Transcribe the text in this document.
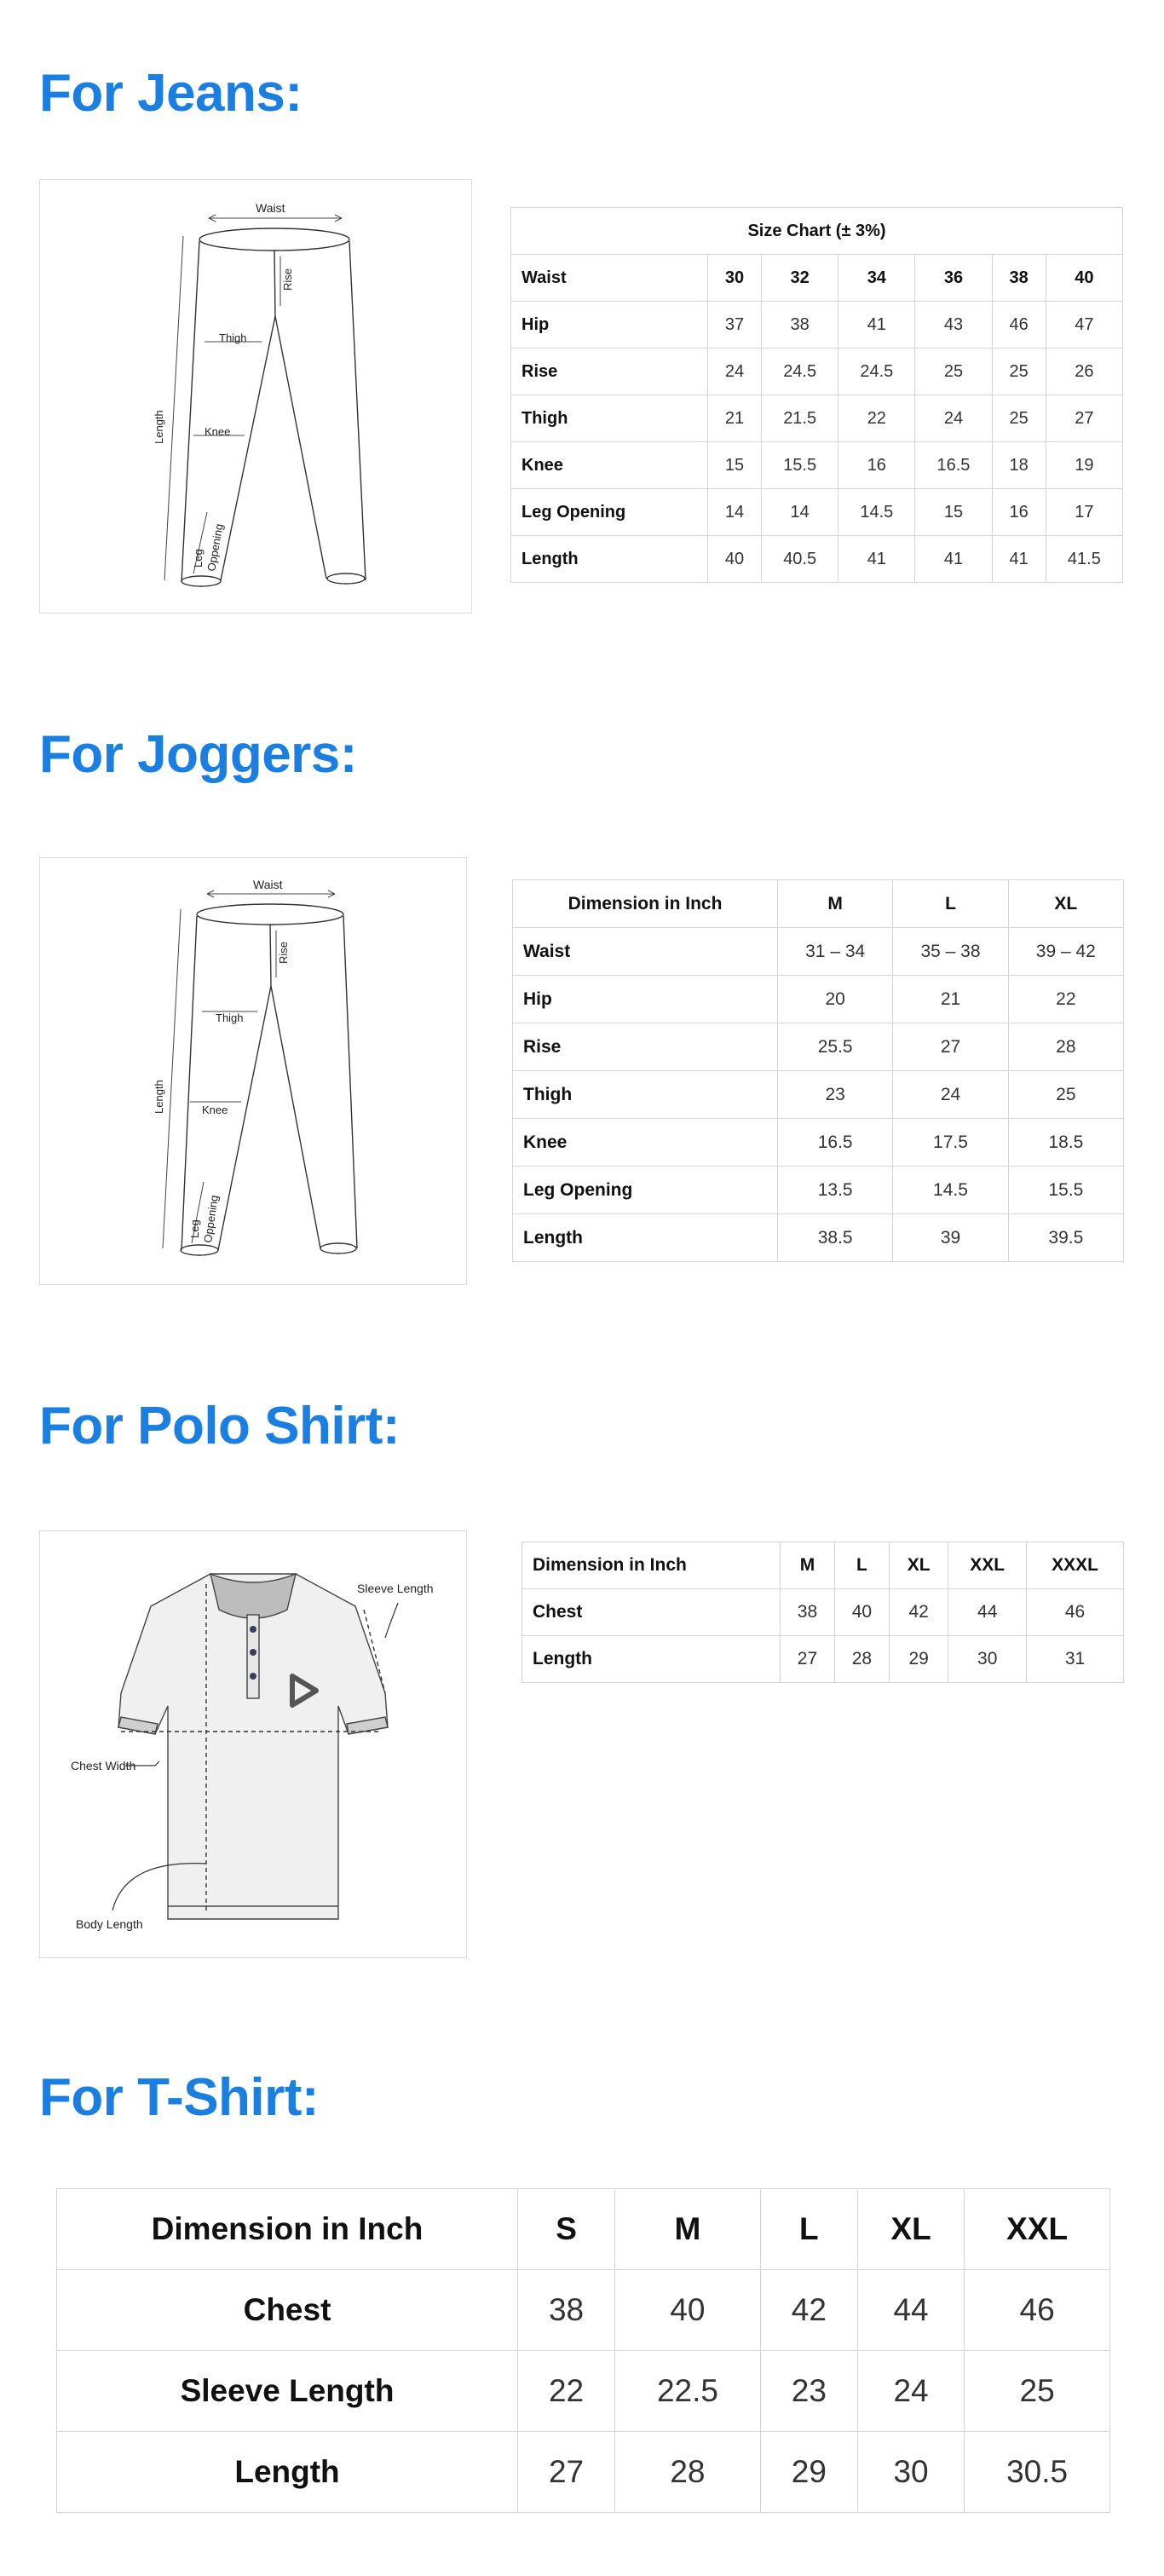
For Jeans:
Waist
Rise
Thigh
Length	Knee
Leg Oppening
Size Chart (± 3%)						
Waist	30	32	34	36	38	40
Hip	37	38	41	43	46	47
Rise	24	24.5	24.5	25	25	26
Thigh	21	21.5	22	24	25	27
Knee	15	15.5	16	16.5	18	19
Leg Opening	14	14	14.5	15	16	17
Length	40	40.5	41	41	41	41.5
For Joggers:
Waist
Rise
Thigh
Length	Knee
Leg Oppening
Dimension in Inch	M	L	XL
Waist	31 – 34	35 – 38	39 – 42
Hip	20	21	22
Rise	25.5	27	28
Thigh	23	24	25
Knee	16.5	17.5	18.5
Leg Opening	13.5	14.5	15.5
Length	38.5	39	39.5
For Polo Shirt:
Sleeve Length
Chest Width
Body Length
Dimension in Inch	M	L	XL	XXL	XXXL
Chest	38	40	42	44	46
Length	27	28	29	30	31
For T-Shirt:
Dimension in Inch	S	M	L	XL	XXL
Chest	38	40	42	44	46
Sleeve Length	22	22.5	23	24	25
Length	27	28	29	30	30.5
